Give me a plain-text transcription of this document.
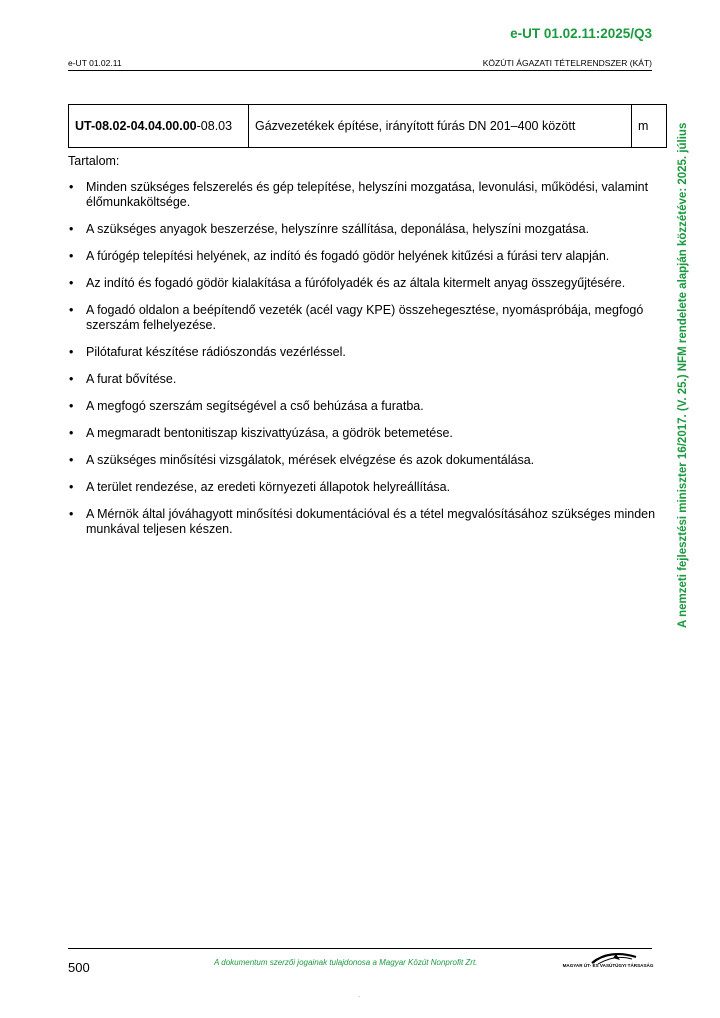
e-UT 01.02.11:2025/Q3
e-UT 01.02.11	KÖZÚTI ÁGAZATI TÉTELRENDSZER (KÁT)
UT-08.02-04.04.00.00-08.03	Gázvezetékek építése, irányított fúrás DN 201–400 között	m
Tartalom:
• Minden szükséges felszerelés és gép telepítése, helyszíni mozgatása, levonulási, működési, valamint élőmunkaköltsége.
• A szükséges anyagok beszerzése, helyszínre szállítása, deponálása, helyszíni mozgatása.
• A fúrógép telepítési helyének, az indító és fogadó gödör helyének kitűzési a fúrási terv alapján.
• Az indító és fogadó gödör kialakítása a fúrófolyadék és az általa kitermelt anyag összegyűjtésére.
• A fogadó oldalon a beépítendő vezeték (acél vagy KPE) összehegesztése, nyomáspróbája, megfogó szerszám felhelyezése.
• Pilótafurat készítése rádiószondás vezérléssel.
• A furat bővítése.
• A megfogó szerszám segítségével a cső behúzása a furatba.
• A megmaradt bentonitiszap kiszivattyúzása, a gödrök betemetése.
• A szükséges minősítési vizsgálatok, mérések elvégzése és azok dokumentálása.
• A terület rendezése, az eredeti környezeti állapotok helyreállítása.
• A Mérnök által jóváhagyott minősítési dokumentációval és a tétel megvalósításához szükséges minden munkával teljesen készen.	A nemzeti fejlesztési miniszter 16/2017. (V. 25.) NFM rendelete alapján közzétéve: 2025. július
500	A dokumentum szerzői jogainak tulajdonosa a Magyar Közút Nonprofit Zrt.	MAGYAR ÚT- ÉS VASÚTÜGYI TÁRSASÁG
.
